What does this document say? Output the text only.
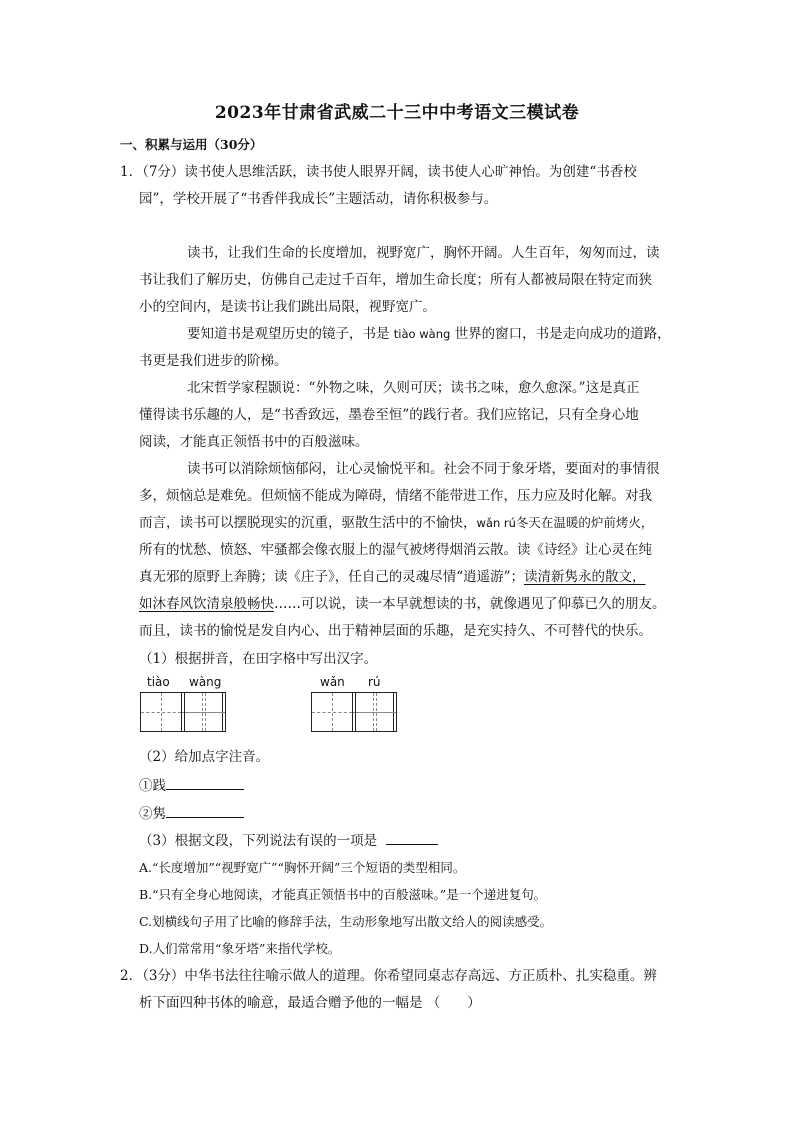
2023年甘肃省武威二十三中中考语文三模试卷
一、积累与运用（30分）
1．（7分）读书使人思维活跃，读书使人眼界开阔，读书使人心旷神怡。为创建“书香校
园”，学校开展了“书香伴我成长”主题活动，请你积极参与。
读书，让我们生命的长度增加，视野宽广，胸怀开阔。人生百年，匆匆而过，读
书让我们了解历史，仿佛自己走过千百年，增加生命长度；所有人都被局限在特定而狭
小的空间内，是读书让我们跳出局限，视野宽广。
要知道书是观望历史的镜子，书是 tiào wàng 世界的窗口，书是走向成功的道路，
书更是我们进步的阶梯。
北宋哲学家程颢说：“外物之味，久则可厌；读书之味，愈久愈深。”这是真正
懂得读书乐趣的人，是“书香致远，墨卷至恒”的践行者。我们应铭记，只有全身心地
阅读，才能真正领悟书中的百般滋味。
读书可以消除烦恼郁闷，让心灵愉悦平和。社会不同于象牙塔，要面对的事情很
多，烦恼总是难免。但烦恼不能成为障碍，情绪不能带进工作，压力应及时化解。对我
而言，读书可以摆脱现实的沉重，驱散生活中的不愉快，wǎn rú冬天在温暖的炉前烤火，
所有的忧愁、愤怒、牢骚都会像衣服上的湿气被烤得烟消云散。读《诗经》让心灵在纯
真无邪的原野上奔腾；读《庄子》，任自己的灵魂尽情“逍遥游”；读清新隽永的散文，
如沐春风饮清泉般畅快……可以说，读一本早就想读的书，就像遇见了仰慕已久的朋友。
而且，读书的愉悦是发自内心、出于精神层面的乐趣，是充实持久、不可替代的快乐。
（1）根据拼音，在田字格中写出汉字。
tiào wàng	wǎn rú
（2）给加点字注音。
①践
②隽
（3）根据文段，下列说法有误的一项是
A.“长度增加”“视野宽广”“胸怀开阔”三个短语的类型相同。
B.“只有全身心地阅读，才能真正领悟书中的百般滋味。”是一个递进复句。
C.划横线句子用了比喻的修辞手法，生动形象地写出散文给人的阅读感受。
D.人们常常用“象牙塔”来指代学校。
2．（3分）中华书法往往喻示做人的道理。你希望同桌志存高远、方正质朴、扎实稳重。辨
析下面四种书体的喻意，最适合赠予他的一幅是 （　　）
